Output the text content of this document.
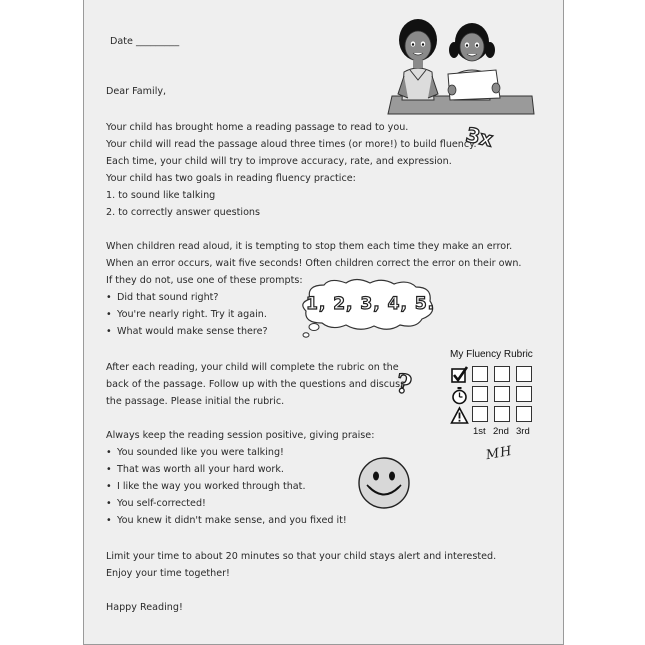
Date _________
Dear Family,
Your child has brought home a reading passage to read to you.
Your child will read the passage aloud three times (or more!) to build fluency.
Each time, your child will try to improve accuracy, rate, and expression.
Your child has two goals in reading fluency practice:
1. to sound like talking
2. to correctly answer questions
When children read aloud, it is tempting to stop them each time they make an error.
When an error occurs, wait five seconds! Often children correct the error on their own.
If they do not, use one of these prompts:
• Did that sound right?
• You're nearly right. Try it again.
• What would make sense there?
After each reading, your child will complete the rubric on the
back of the passage. Follow up with the questions and discuss
the passage. Please initial the rubric.
Always keep the reading session positive, giving praise:
• You sounded like you were talking!
• That was worth all your hard work.
• I like the way you worked through that.
• You self-corrected!
• You knew it didn't make sense, and you fixed it!
Limit your time to about 20 minutes so that your child stays alert and interested.
Enjoy your time together!
Happy Reading!
3x
1, 2, 3, 4, 5.
?
My Fluency Rubric
1st 2nd 3rd
MH
